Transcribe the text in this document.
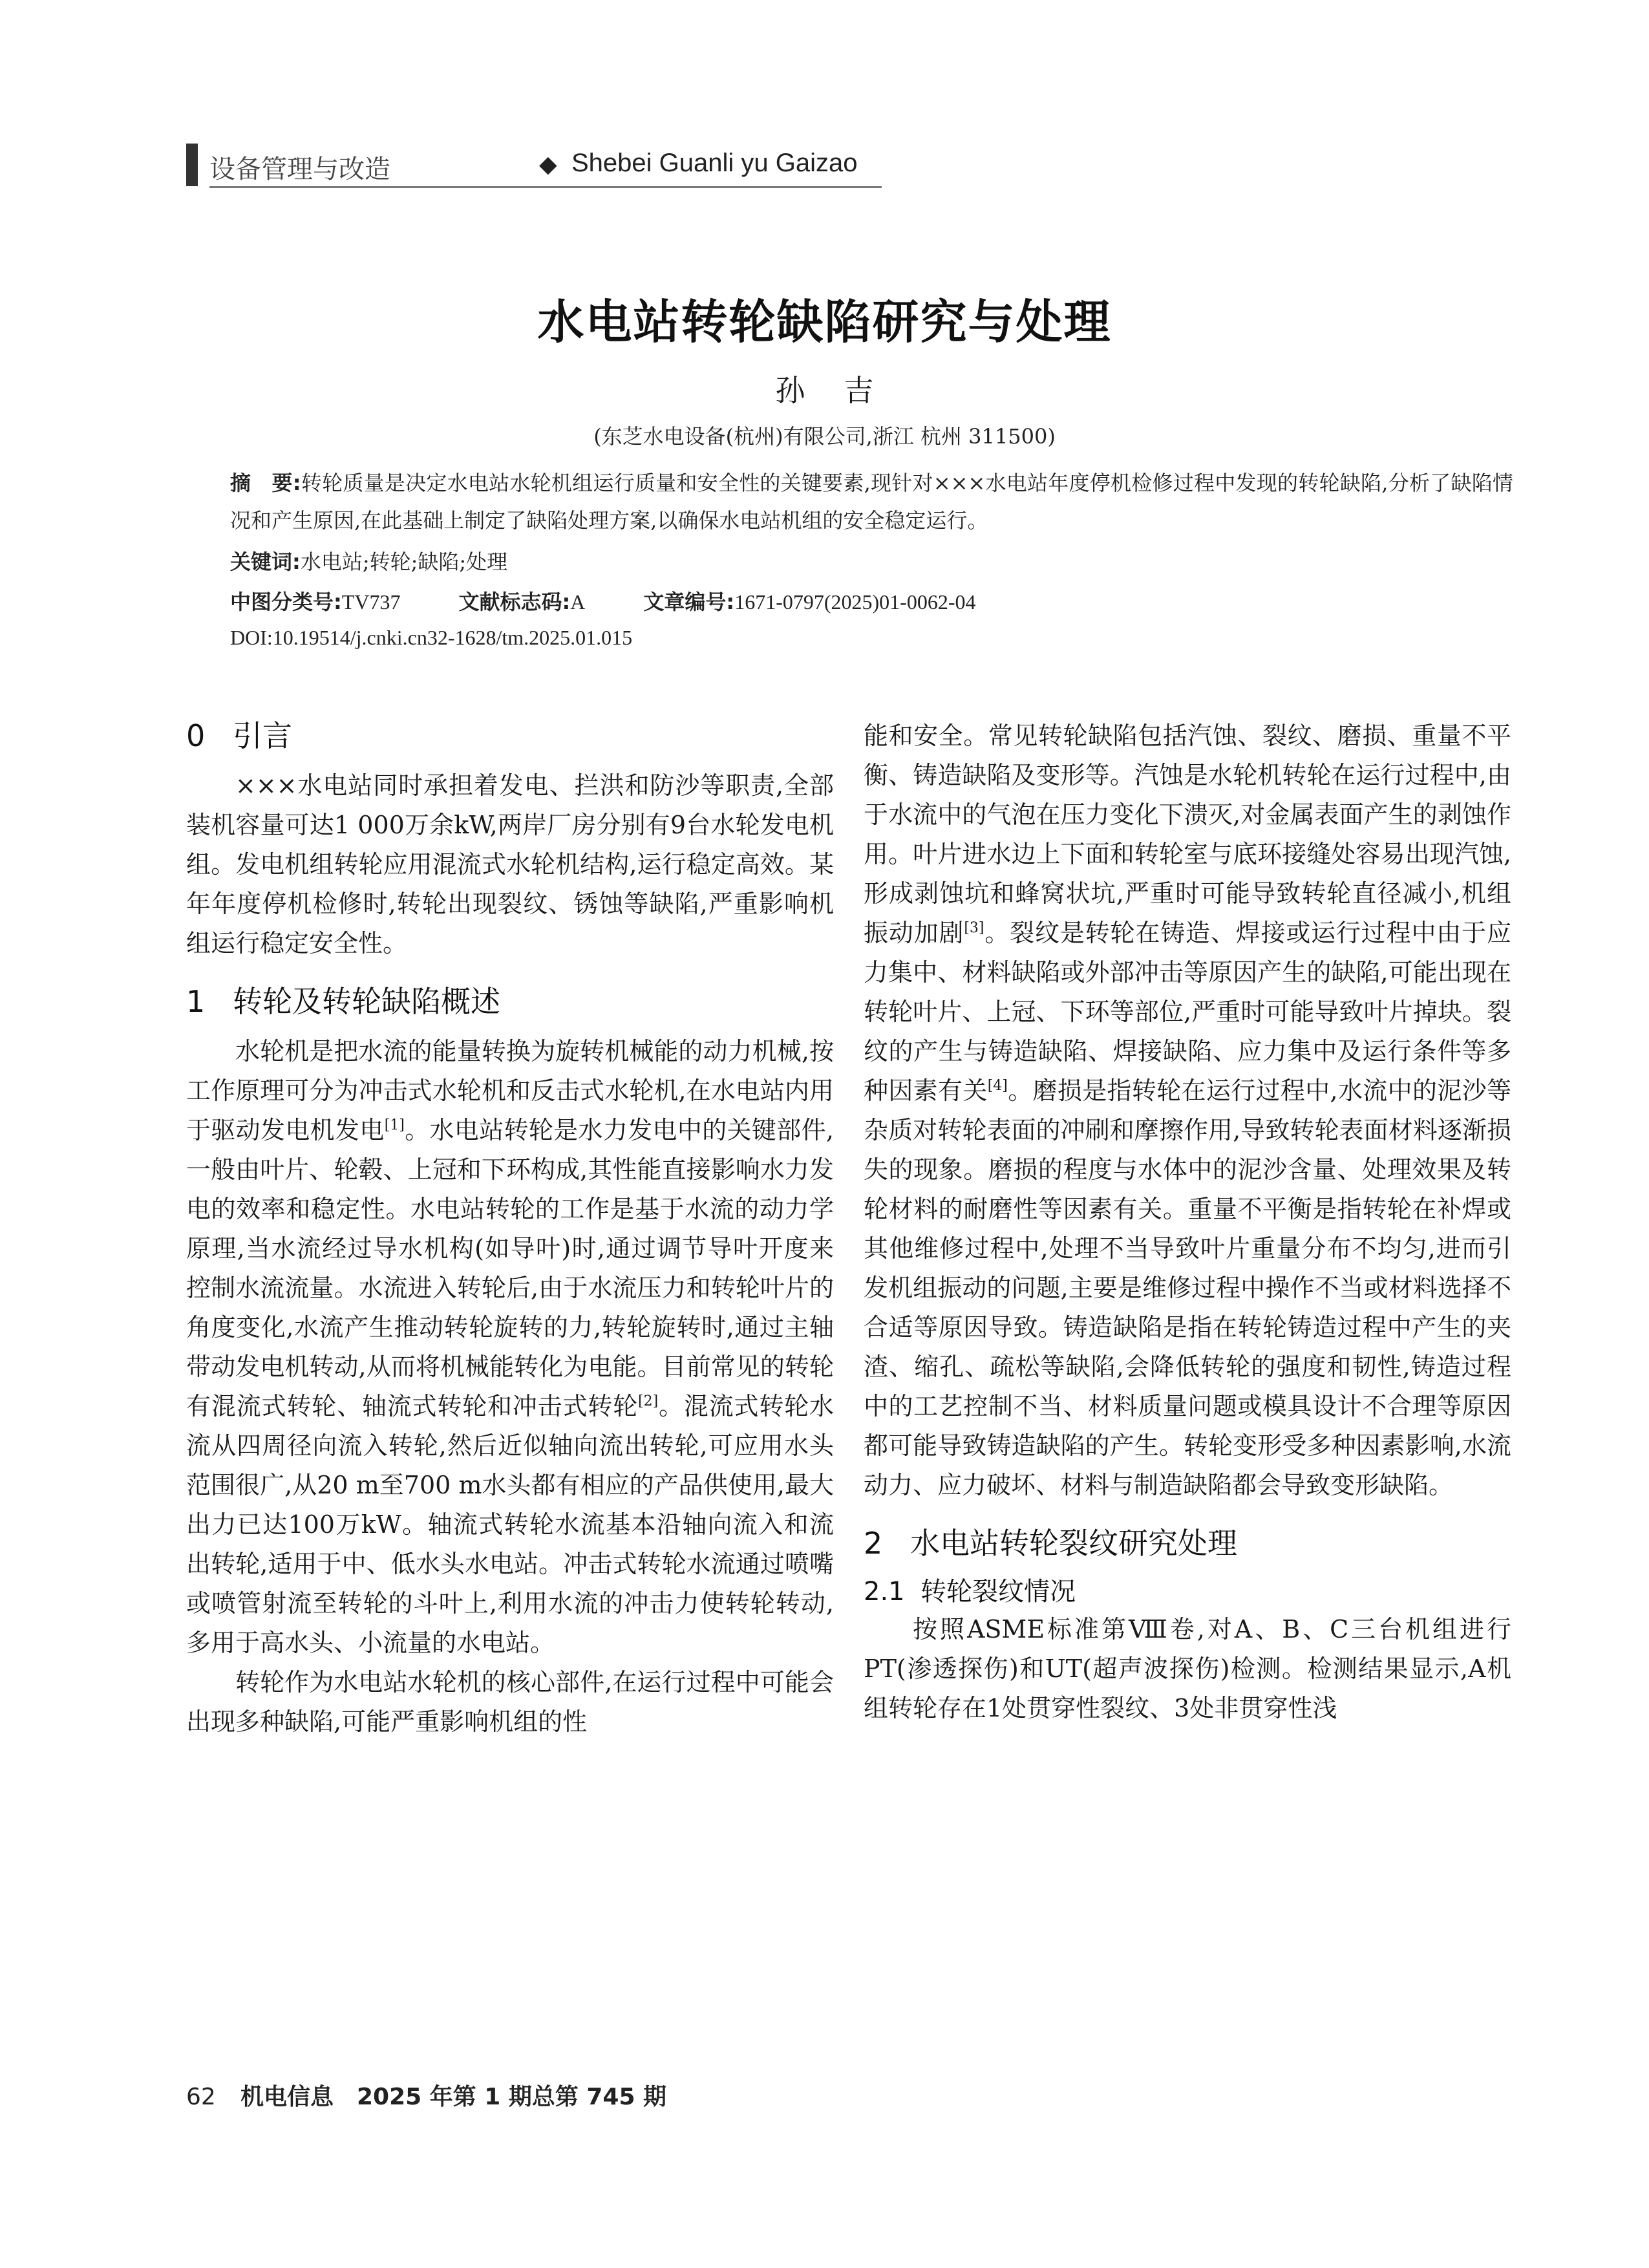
设备管理与改造	◆ Shebei Guanli yu Gaizao
水电站转轮缺陷研究与处理
孙吉
(东芝水电设备(杭州)有限公司,浙江 杭州 311500)
摘　要:转轮质量是决定水电站水轮机组运行质量和安全性的关键要素,现针对×××水电站年度停机检修过程中发现的转轮缺陷,分析了缺陷情况和产生原因,在此基础上制定了缺陷处理方案,以确保水电站机组的安全稳定运行。
关键词:水电站;转轮;缺陷;处理
中图分类号:TV737	文献标志码:A	文章编号:1671-0797(2025)01-0062-04
DOI:10.19514/j.cnki.cn32-1628/tm.2025.01.015
0 引言

×××水电站同时承担着发电、拦洪和防沙等职责,全部装机容量可达1 000万余kW,两岸厂房分别有9台水轮发电机组。发电机组转轮应用混流式水轮机结构,运行稳定高效。某年年度停机检修时,转轮出现裂纹、锈蚀等缺陷,严重影响机组运行稳定安全性。

1 转轮及转轮缺陷概述

水轮机是把水流的能量转换为旋转机械能的动力机械,按工作原理可分为冲击式水轮机和反击式水轮机,在水电站内用于驱动发电机发电[1]。水电站转轮是水力发电中的关键部件,一般由叶片、轮毂、上冠和下环构成,其性能直接影响水力发电的效率和稳定性。水电站转轮的工作是基于水流的动力学原理,当水流经过导水机构(如导叶)时,通过调节导叶开度来控制水流流量。水流进入转轮后,由于水流压力和转轮叶片的角度变化,水流产生推动转轮旋转的力,转轮旋转时,通过主轴带动发电机转动,从而将机械能转化为电能。目前常见的转轮有混流式转轮、轴流式转轮和冲击式转轮[2]。混流式转轮水流从四周径向流入转轮,然后近似轴向流出转轮,可应用水头范围很广,从20 m至700 m水头都有相应的产品供使用,最大出力已达100万kW。轴流式转轮水流基本沿轴向流入和流出转轮,适用于中、低水头水电站。冲击式转轮水流通过喷嘴或喷管射流至转轮的斗叶上,利用水流的冲击力使转轮转动,多用于高水头、小流量的水电站。

转轮作为水电站水轮机的核心部件,在运行过程中可能会出现多种缺陷,可能严重影响机组的性

能和安全。常见转轮缺陷包括汽蚀、裂纹、磨损、重量不平衡、铸造缺陷及变形等。汽蚀是水轮机转轮在运行过程中,由于水流中的气泡在压力变化下溃灭,对金属表面产生的剥蚀作用。叶片进水边上下面和转轮室与底环接缝处容易出现汽蚀,形成剥蚀坑和蜂窝状坑,严重时可能导致转轮直径减小,机组振动加剧[3]。裂纹是转轮在铸造、焊接或运行过程中由于应力集中、材料缺陷或外部冲击等原因产生的缺陷,可能出现在转轮叶片、上冠、下环等部位,严重时可能导致叶片掉块。裂纹的产生与铸造缺陷、焊接缺陷、应力集中及运行条件等多种因素有关[4]。磨损是指转轮在运行过程中,水流中的泥沙等杂质对转轮表面的冲刷和摩擦作用,导致转轮表面材料逐渐损失的现象。磨损的程度与水体中的泥沙含量、处理效果及转轮材料的耐磨性等因素有关。重量不平衡是指转轮在补焊或其他维修过程中,处理不当导致叶片重量分布不均匀,进而引发机组振动的问题,主要是维修过程中操作不当或材料选择不合适等原因导致。铸造缺陷是指在转轮铸造过程中产生的夹渣、缩孔、疏松等缺陷,会降低转轮的强度和韧性,铸造过程中的工艺控制不当、材料质量问题或模具设计不合理等原因都可能导致铸造缺陷的产生。转轮变形受多种因素影响,水流动力、应力破坏、材料与制造缺陷都会导致变形缺陷。

2 水电站转轮裂纹研究处理
2.1 转轮裂纹情况

按照ASME标准第Ⅷ卷,对A、B、C三台机组进行PT(渗透探伤)和UT(超声波探伤)检测。检测结果显示,A机组转轮存在1处贯穿性裂纹、3处非贯穿性浅

62 机电信息　2025 年第 1 期总第 745 期
